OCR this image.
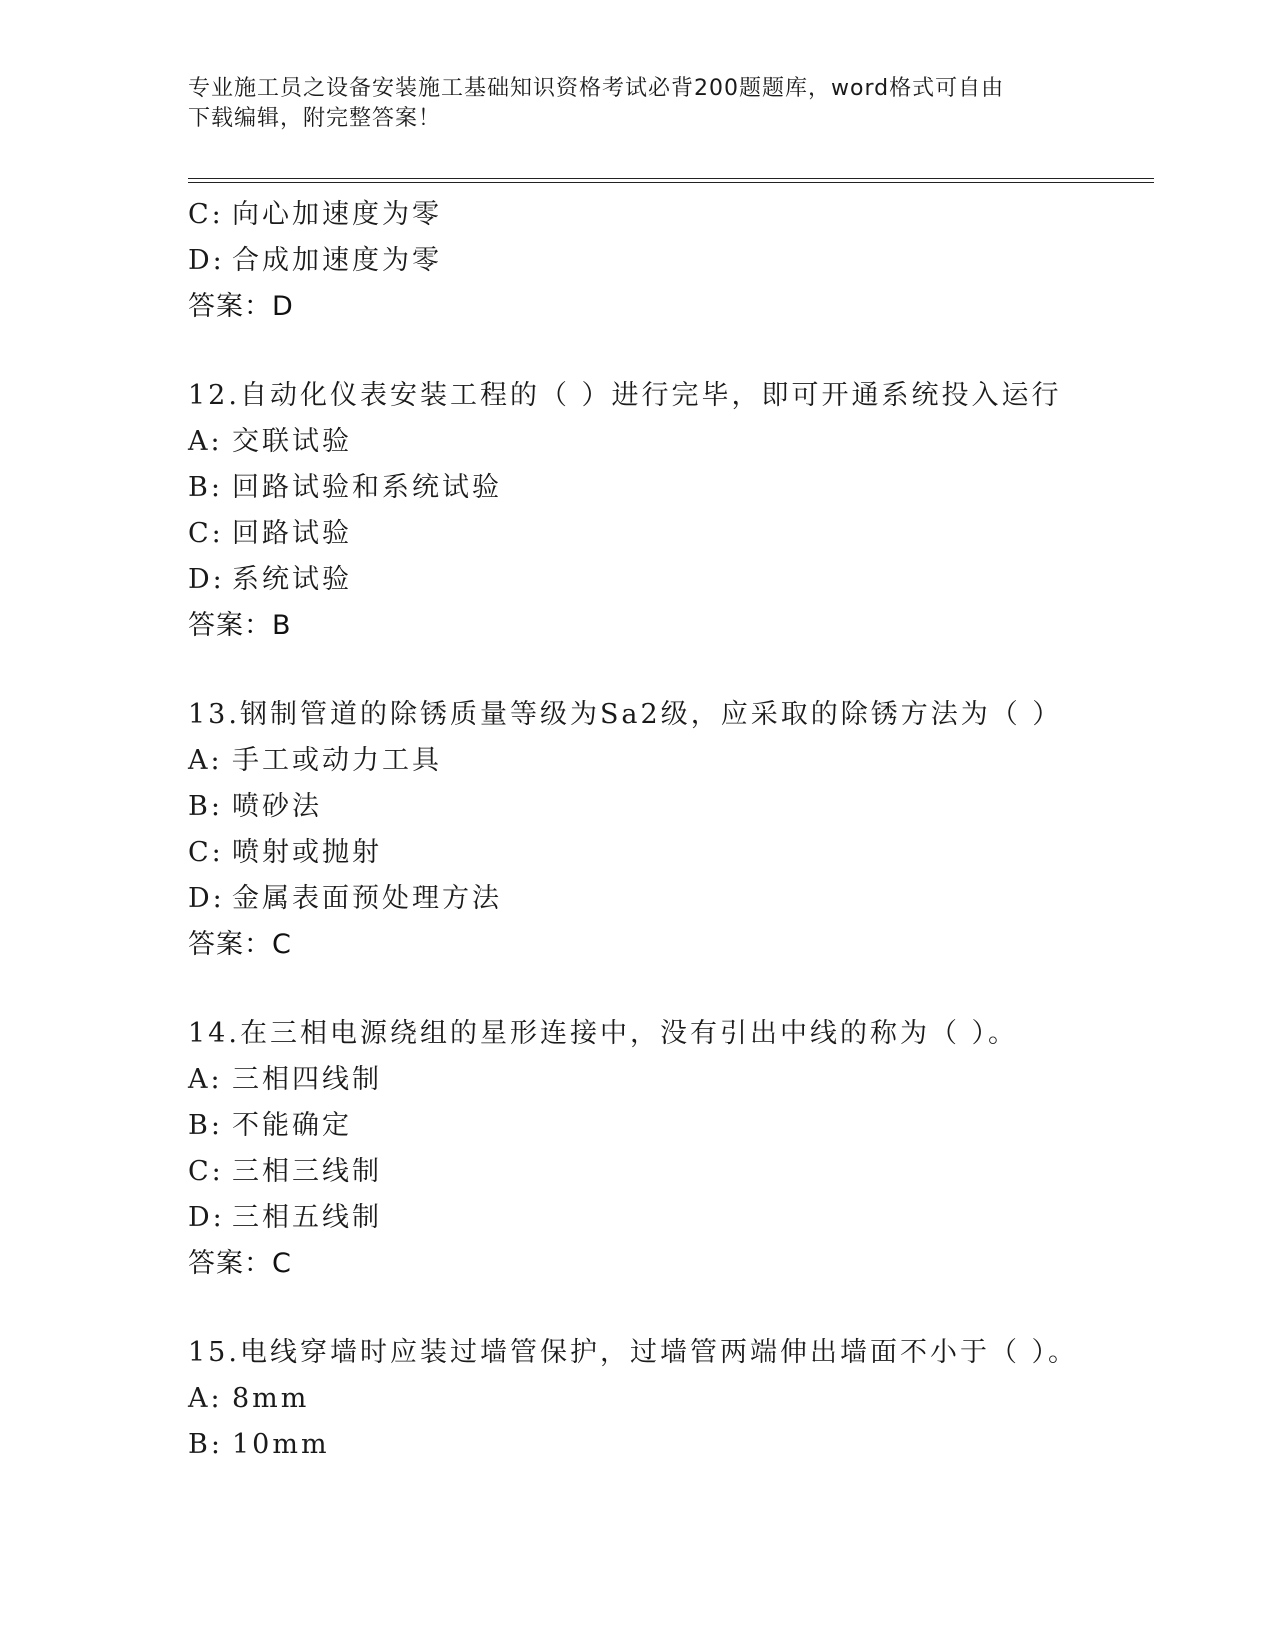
专业施工员之设备安装施工基础知识资格考试必背200题题库，word格式可自由
下载编辑，附完整答案！
C: 向心加速度为零
D: 合成加速度为零
答案：D
12.自动化仪表安装工程的（ ）进行完毕，即可开通系统投入运行
A: 交联试验
B: 回路试验和系统试验
C: 回路试验
D: 系统试验
答案：B
13.钢制管道的除锈质量等级为Sa2级，应采取的除锈方法为（ ）
A: 手工或动力工具
B: 喷砂法
C: 喷射或抛射
D: 金属表面预处理方法
答案：C
14.在三相电源绕组的星形连接中，没有引出中线的称为（ ）。
A: 三相四线制
B: 不能确定
C: 三相三线制
D: 三相五线制
答案：C
15.电线穿墙时应装过墙管保护，过墙管两端伸出墙面不小于（ ）。
A: 8mm
B: 10mm
